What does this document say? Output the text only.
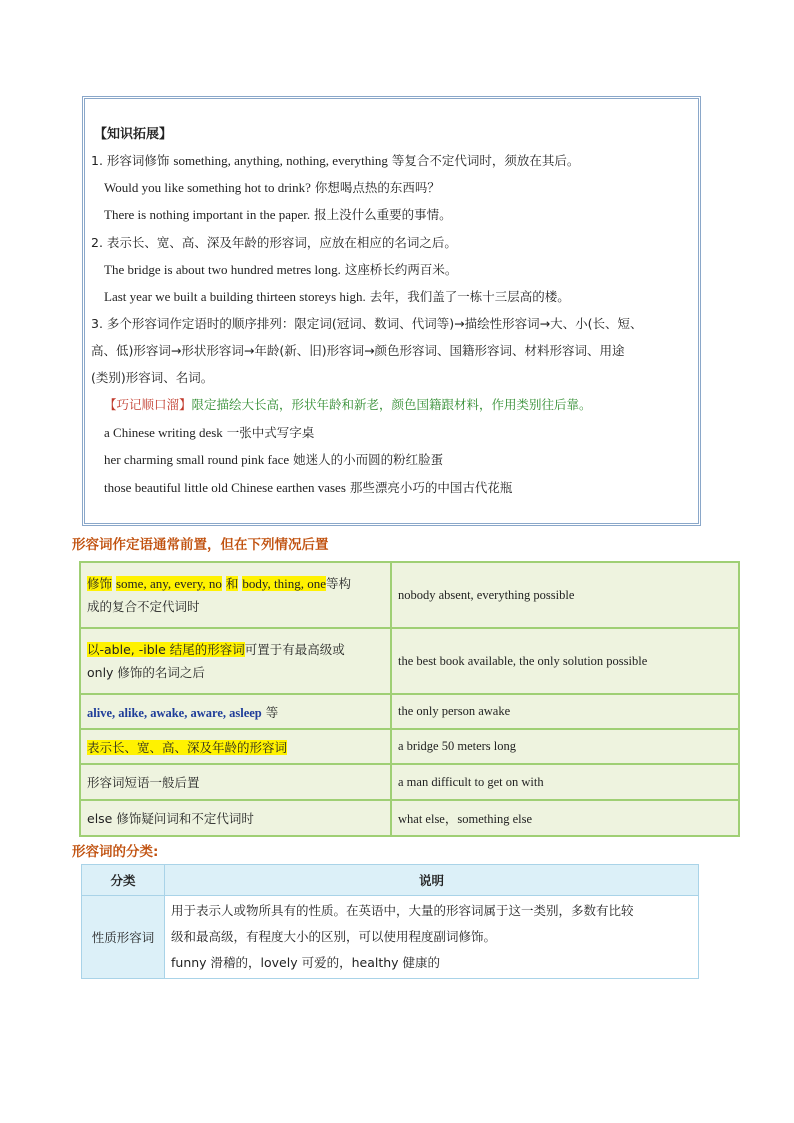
【知识拓展】
1. 形容词修饰 something, anything, nothing, everything 等复合不定代词时，须放在其后。
Would you like something hot to drink? 你想喝点热的东西吗？
There is nothing important in the paper. 报上没什么重要的事情。
2. 表示长、宽、高、深及年龄的形容词，应放在相应的名词之后。
The bridge is about two hundred metres long. 这座桥长约两百米。
Last year we built a building thirteen storeys high. 去年，我们盖了一栋十三层高的楼。
3. 多个形容词作定语时的顺序排列：限定词(冠词、数词、代词等)→描绘性形容词→大、小(长、短、
高、低)形容词→形状形容词→年龄(新、旧)形容词→颜色形容词、国籍形容词、材料形容词、用途
(类别)形容词、名词。
【巧记顺口溜】限定描绘大长高，形状年龄和新老，颜色国籍跟材料，作用类别往后靠。
a Chinese writing desk 一张中式写字桌
her charming small round pink face 她迷人的小而圆的粉红脸蛋
those beautiful little old Chinese earthen vases 那些漂亮小巧的中国古代花瓶
形容词作定语通常前置，但在下列情况后置
修饰 some, any, every, no 和 body, thing, one等构
成的复合不定代词时	nobody absent, everything possible
以-able, -ible 结尾的形容词可置于有最高级或
only 修饰的名词之后	the best book available, the only solution possible
alive, alike, awake, aware, asleep 等	the only person awake
表示长、宽、高、深及年龄的形容词	a bridge 50 meters long
形容词短语一般后置	a man difficult to get on with
else 修饰疑问词和不定代词时	what else，something else
形容词的分类:
分类	说明
性质形容词	用于表示人或物所具有的性质。在英语中，大量的形容词属于这一类别，多数有比较
级和最高级，有程度大小的区别，可以使用程度副词修饰。
funny 滑稽的，lovely 可爱的，healthy 健康的
